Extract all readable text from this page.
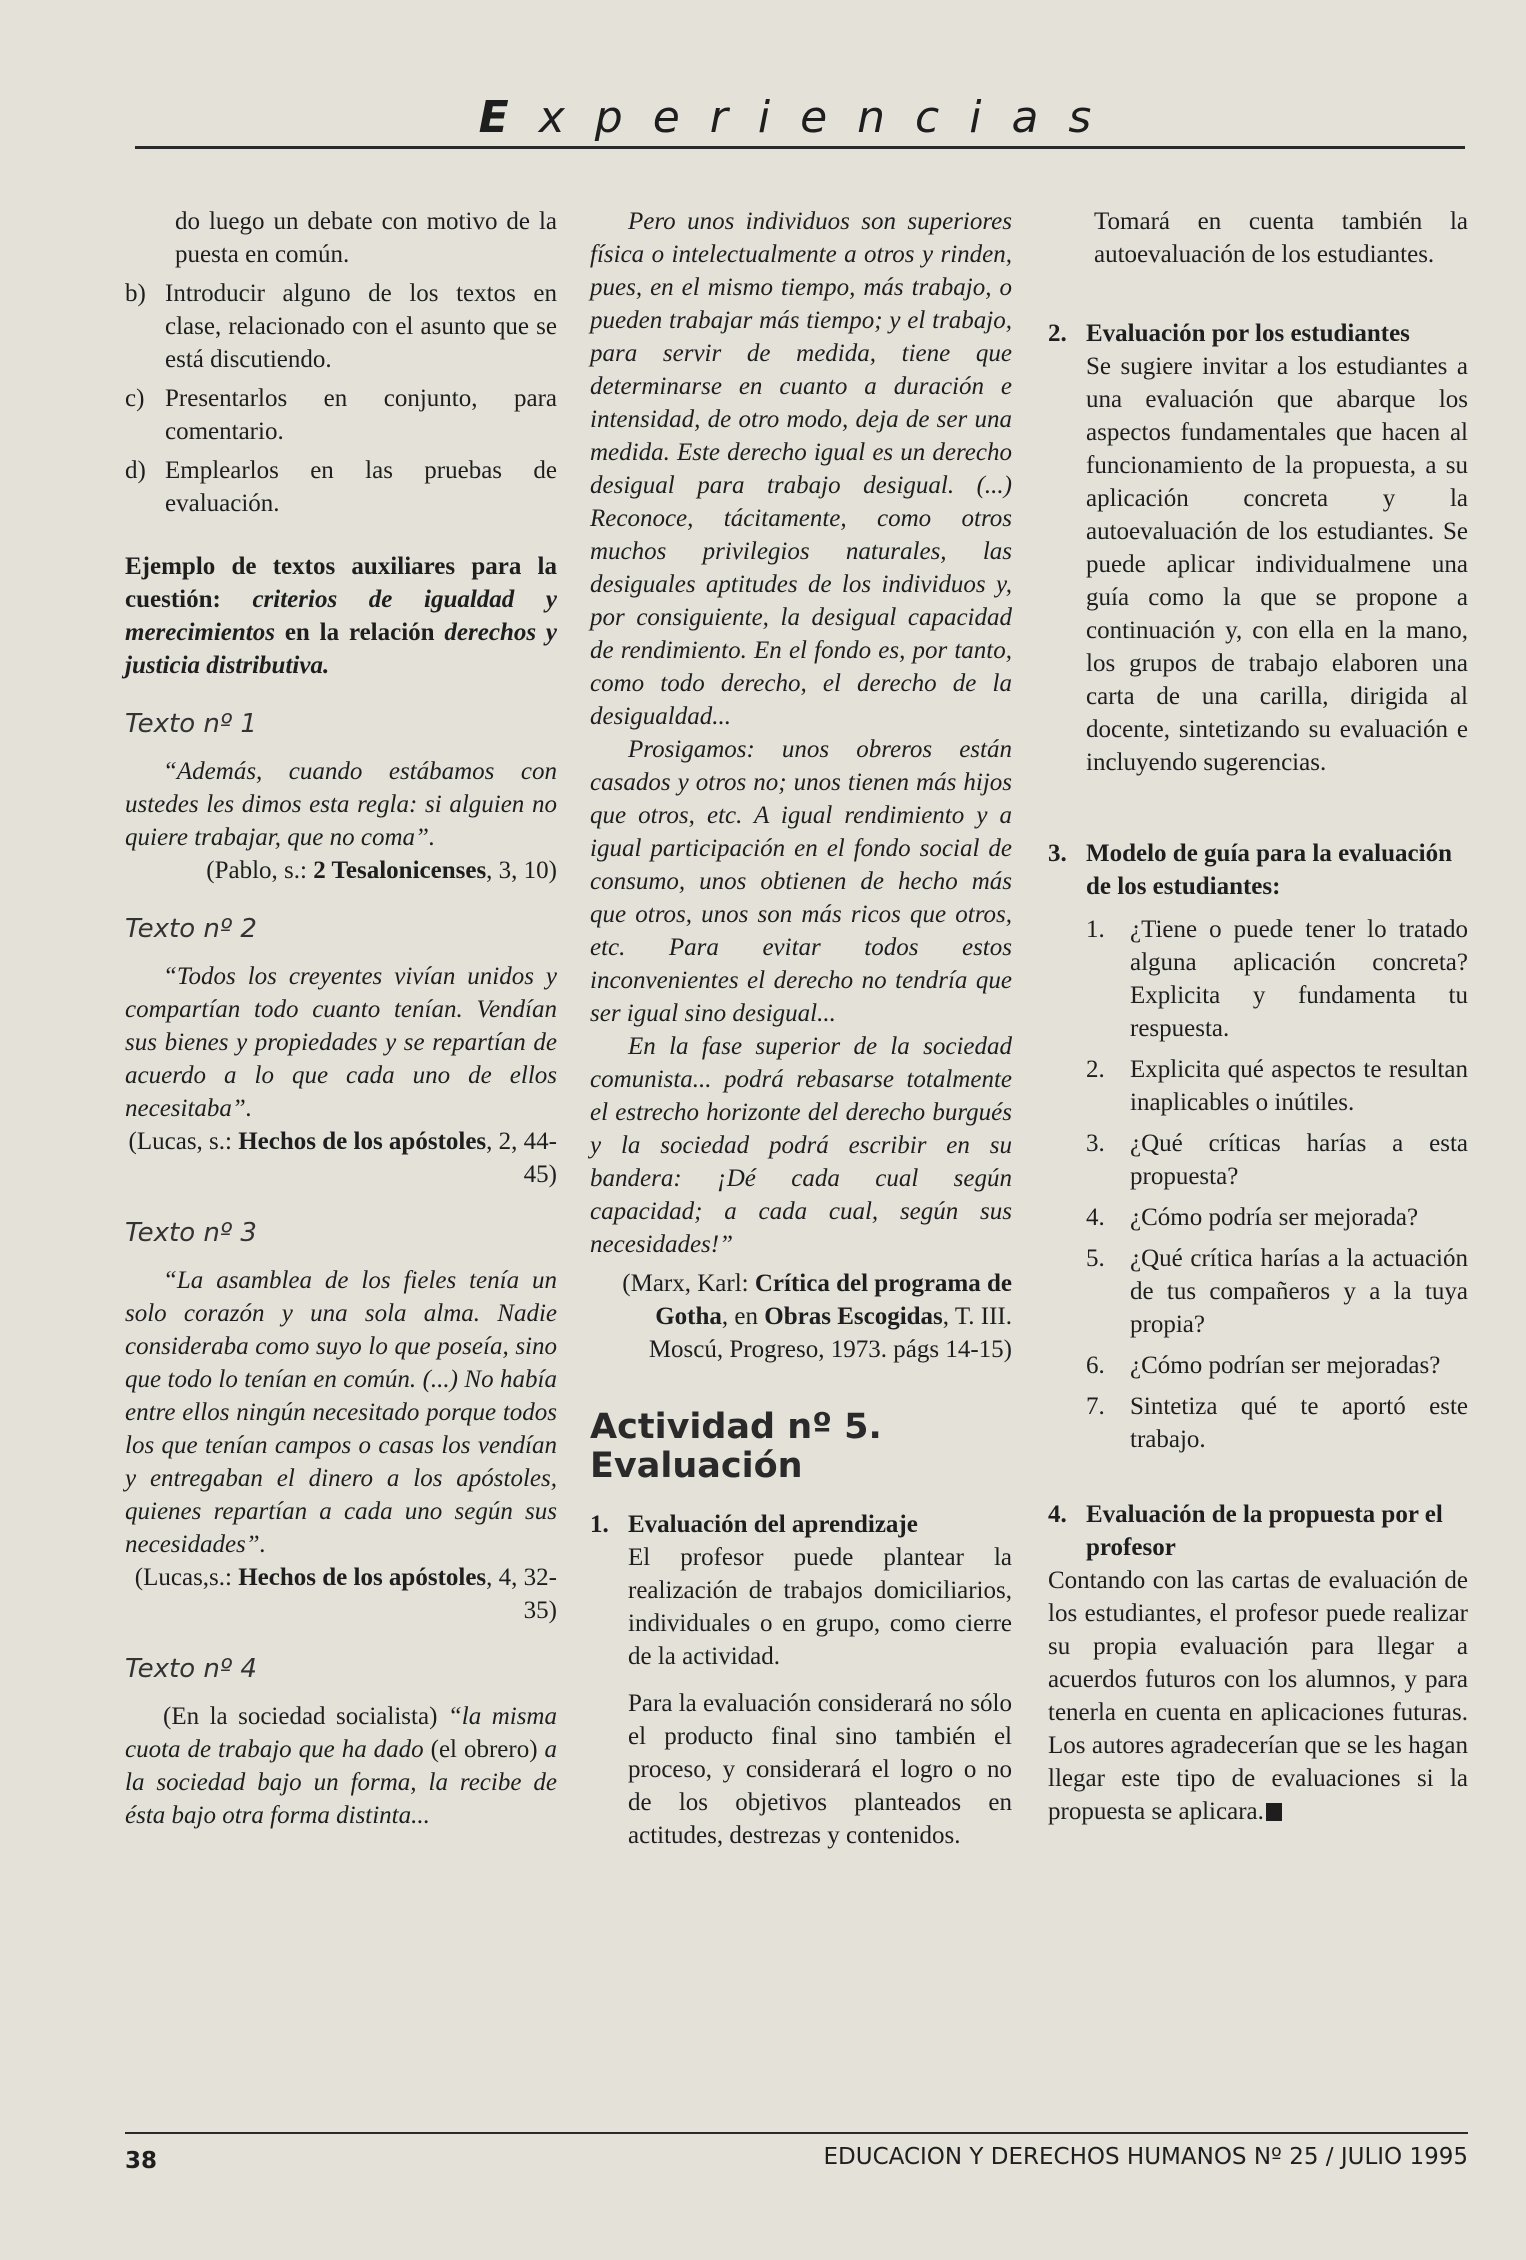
Experiencias

do luego un debate con motivo de la puesta en común.

b) Introducir alguno de los textos en clase, relacionado con el asunto que se está discutiendo.
c) Presentarlos en conjunto, para comentario.
d) Emplearlos en las pruebas de evaluación.

Ejemplo de textos auxiliares para la cuestión: criterios de igualdad y merecimientos en la relación derechos y justicia distributiva.

Texto nº 1

“Además, cuando estábamos con ustedes les dimos esta regla: si alguien no quiere trabajar, que no coma”.

(Pablo, s.: 2 Tesalonicenses, 3, 10)

Texto nº 2

“Todos los creyentes vivían unidos y compartían todo cuanto tenían. Vendían sus bienes y propiedades y se repartían de acuerdo a lo que cada uno de ellos necesitaba”.

(Lucas, s.: Hechos de los apóstoles, 2, 44-45)

Texto nº 3

“La asamblea de los fieles tenía un solo corazón y una sola alma. Nadie consideraba como suyo lo que poseía, sino que todo lo tenían en común. (...) No había entre ellos ningún necesitado porque todos los que tenían campos o casas los vendían y entregaban el dinero a los apóstoles, quienes repartían a cada uno según sus necesidades”.

(Lucas,s.: Hechos de los apóstoles, 4, 32-35)

Texto nº 4

(En la sociedad socialista) “la misma cuota de trabajo que ha dado (el obrero) a la sociedad bajo un forma, la recibe de ésta bajo otra forma distinta...

Pero unos individuos son superiores física o intelectualmente a otros y rinden, pues, en el mismo tiempo, más trabajo, o pueden trabajar más tiempo; y el trabajo, para servir de medida, tiene que determinarse en cuanto a duración e intensidad, de otro modo, deja de ser una medida. Este derecho igual es un derecho desigual para trabajo desigual. (...) Reconoce, tácitamente, como otros muchos privilegios naturales, las desiguales aptitudes de los individuos y, por consiguiente, la desigual capacidad de rendimiento. En el fondo es, por tanto, como todo derecho, el derecho de la desigualdad...

Prosigamos: unos obreros están casados y otros no; unos tienen más hijos que otros, etc. A igual rendimiento y a igual participación en el fondo social de consumo, unos obtienen de hecho más que otros, unos son más ricos que otros, etc. Para evitar todos estos inconvenientes el derecho no tendría que ser igual sino desigual...

En la fase superior de la sociedad comunista... podrá rebasarse totalmente el estrecho horizonte del derecho burgués y la sociedad podrá escribir en su bandera: ¡Dé cada cual según capacidad; a cada cual, según sus necesidades!”

(Marx, Karl: Crítica del programa de Gotha, en Obras Escogidas, T. III. Moscú, Progreso, 1973. págs 14-15)

Actividad nº 5. Evaluación
1. Evaluación del aprendizaje

El profesor puede plantear la realización de trabajos domiciliarios, individuales o en grupo, como cierre de la actividad.

Para la evaluación considerará no sólo el producto final sino también el proceso, y considerará el logro o no de los objetivos planteados en actitudes, destrezas y contenidos.

Tomará en cuenta también la autoevaluación de los estudiantes.

2. Evaluación por los estudiantes

Se sugiere invitar a los estudiantes a una evaluación que abarque los aspectos fundamentales que hacen al funcionamiento de la propuesta, a su aplicación concreta y la autoevaluación de los estudiantes. Se puede aplicar individualmene una guía como la que se propone a continuación y, con ella en la mano, los grupos de trabajo elaboren una carta de una carilla, dirigida al docente, sintetizando su evaluación e incluyendo sugerencias.

3. Modelo de guía para la evaluación de los estudiantes:
1.	¿Tiene o puede tener lo tratado alguna aplicación concreta? Explicita y fundamenta tu respuesta.
2.	Explicita qué aspectos te resultan inaplicables o inútiles.
3.	¿Qué críticas harías a esta propuesta?
4.	¿Cómo podría ser mejorada?
5.	¿Qué crítica harías a la actuación de tus compañeros y a la tuya propia?
6.	¿Cómo podrían ser mejoradas?
7.	Sintetiza qué te aportó este trabajo.
4. Evaluación de la propuesta por el profesor

Contando con las cartas de evaluación de los estudiantes, el profesor puede realizar su propia evaluación para llegar a acuerdos futuros con los alumnos, y para tenerla en cuenta en aplicaciones futuras. Los autores agradecerían que se les hagan llegar este tipo de evaluaciones si la propuesta se aplicara.

38	EDUCACION Y DERECHOS HUMANOS Nº 25 / JULIO 1995
